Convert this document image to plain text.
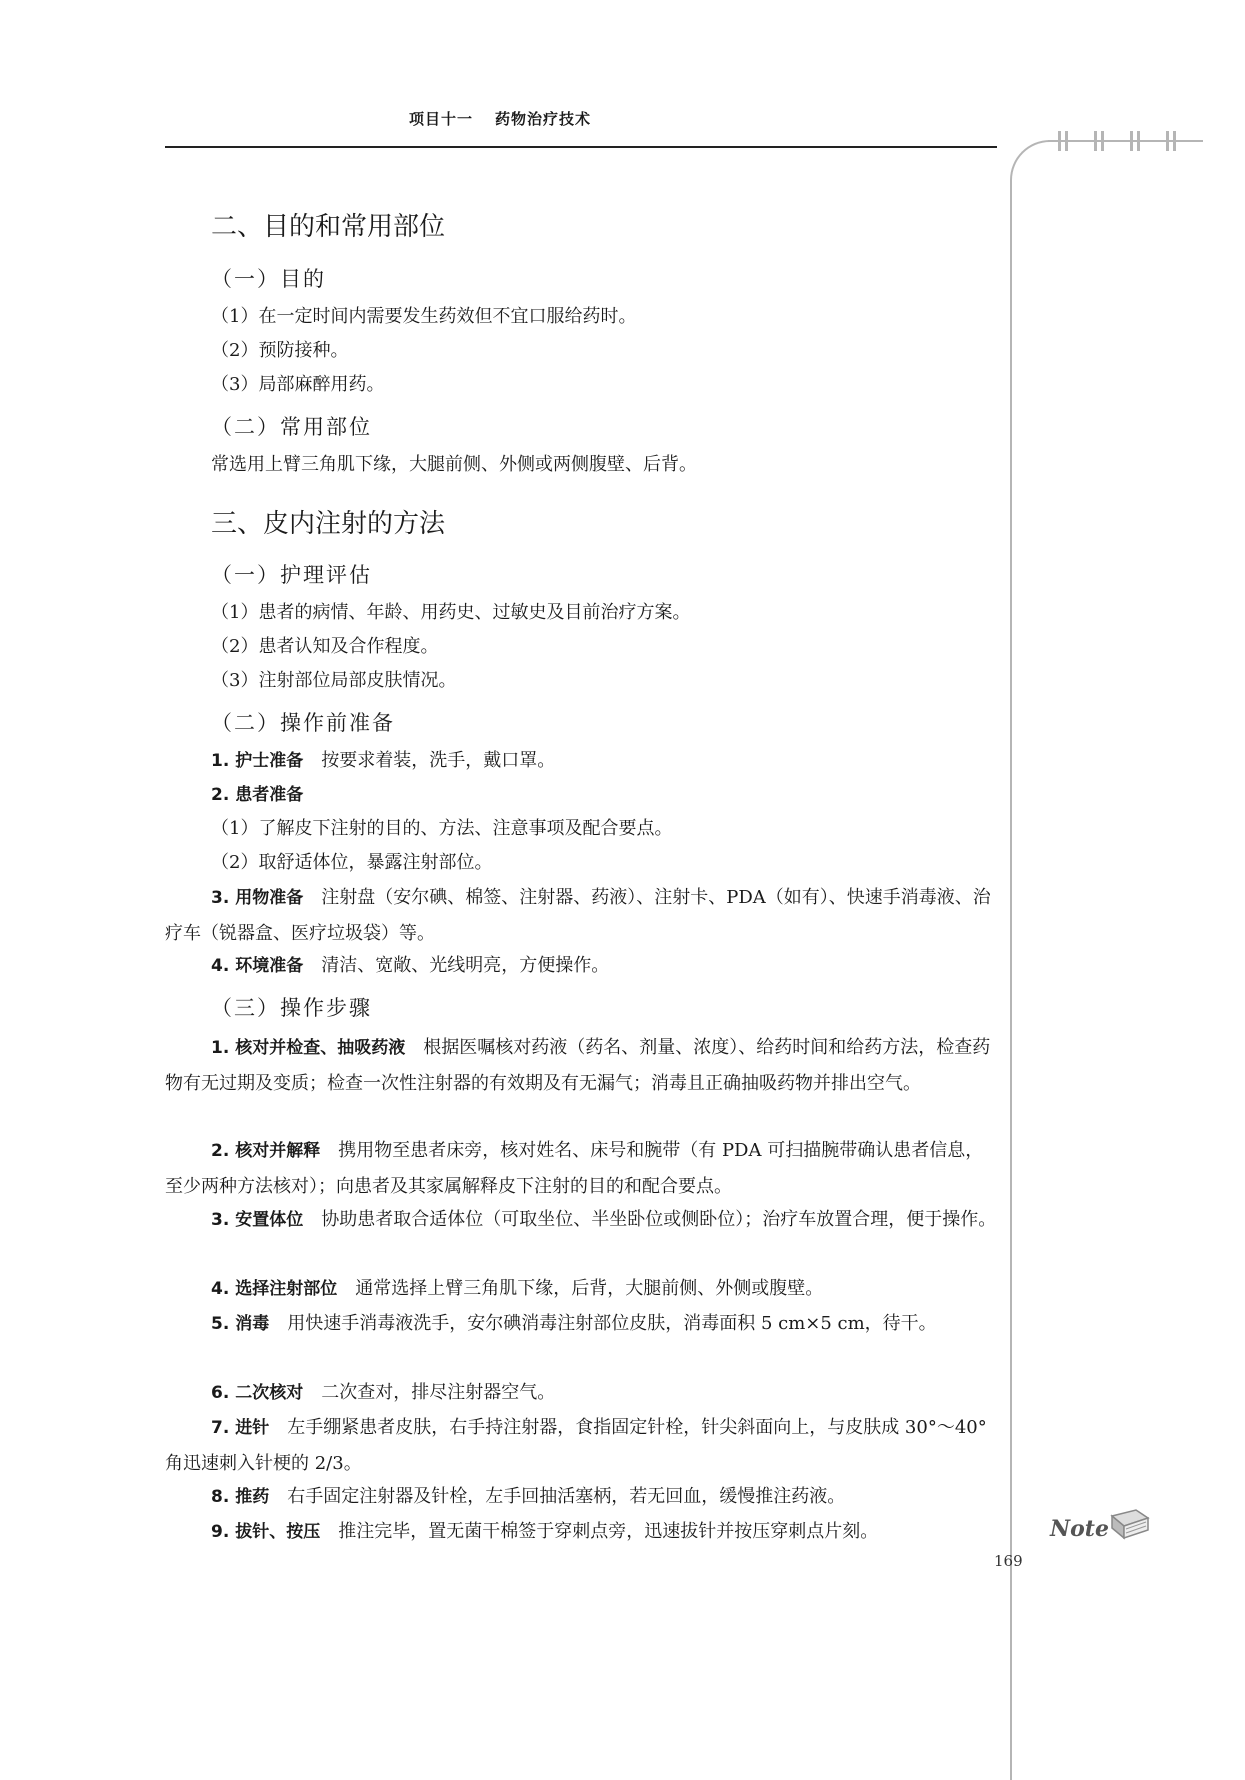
项目十一 药物治疗技术
Note
二、目的和常用部位
（一）目的
（1）在一定时间内需要发生药效但不宜口服给药时。
（2）预防接种。
（3）局部麻醉用药。
（二）常用部位
常选用上臂三角肌下缘，大腿前侧、外侧或两侧腹壁、后背。
三、皮内注射的方法
（一）护理评估
（1）患者的病情、年龄、用药史、过敏史及目前治疗方案。
（2）患者认知及合作程度。
（3）注射部位局部皮肤情况。
（二）操作前准备
1. 护士准备 按要求着装，洗手，戴口罩。
2. 患者准备
（1）了解皮下注射的目的、方法、注意事项及配合要点。
（2）取舒适体位，暴露注射部位。
3. 用物准备 注射盘（安尔碘、棉签、注射器、药液）、注射卡、PDA（如有）、快速手消毒液、治疗车（锐器盒、医疗垃圾袋）等。
4. 环境准备 清洁、宽敞、光线明亮，方便操作。
（三）操作步骤
1. 核对并检查、抽吸药液 根据医嘱核对药液（药名、剂量、浓度）、给药时间和给药方法，检查药物有无过期及变质；检查一次性注射器的有效期及有无漏气；消毒且正确抽吸药物并排出空气。
2. 核对并解释 携用物至患者床旁，核对姓名、床号和腕带（有 PDA 可扫描腕带确认患者信息，至少两种方法核对）；向患者及其家属解释皮下注射的目的和配合要点。
3. 安置体位 协助患者取合适体位（可取坐位、半坐卧位或侧卧位）；治疗车放置合理，便于操作。
4. 选择注射部位 通常选择上臂三角肌下缘，后背，大腿前侧、外侧或腹壁。
5. 消毒 用快速手消毒液洗手，安尔碘消毒注射部位皮肤，消毒面积 5 cm×5 cm，待干。
6. 二次核对 二次查对，排尽注射器空气。
7. 进针 左手绷紧患者皮肤，右手持注射器，食指固定针栓，针尖斜面向上，与皮肤成 30°～40°角迅速刺入针梗的 2/3。
8. 推药 右手固定注射器及针栓，左手回抽活塞柄，若无回血，缓慢推注药液。
9. 拔针、按压 推注完毕，置无菌干棉签于穿刺点旁，迅速拔针并按压穿刺点片刻。
169
